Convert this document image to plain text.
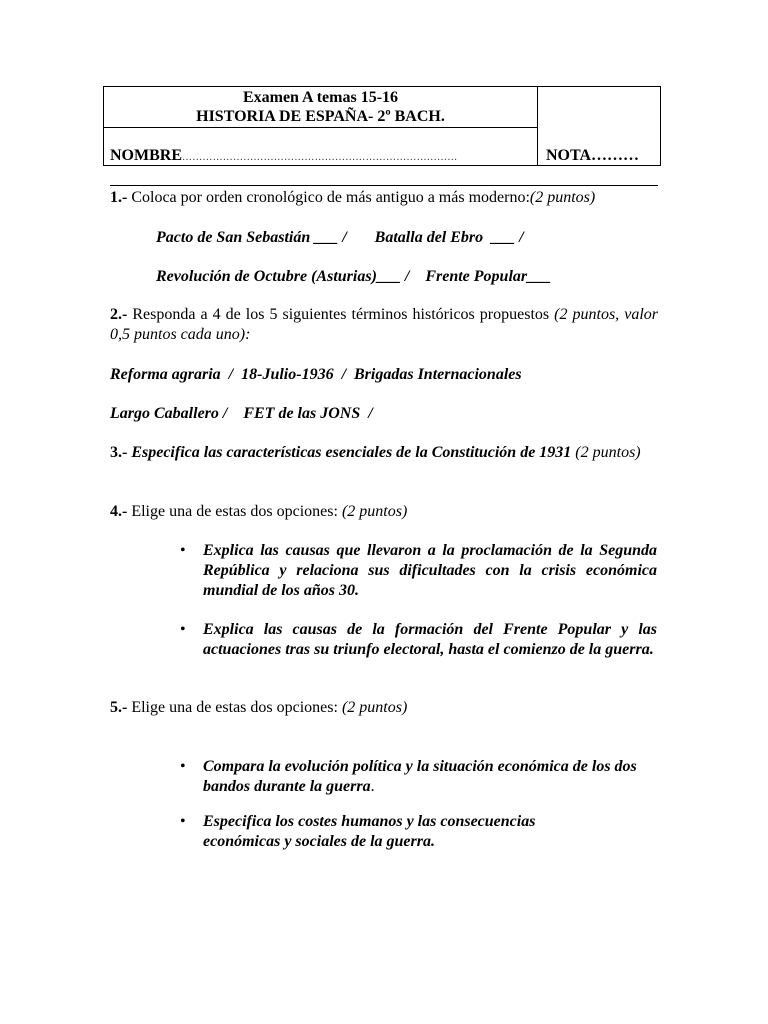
Examen A temas 15-16
HISTORIA DE ESPAÑA- 2º BACH.
NOMBRE………………………………………………………………………	NOTA………
1.- Coloca por orden cronológico de más antiguo a más moderno:(2 puntos)
Pacto de San Sebastián ___ /       Batalla del Ebro  ___ /
Revolución de Octubre (Asturias)___ /    Frente Popular___
2.- Responda a 4 de los 5 siguientes términos históricos propuestos (2 puntos, valor 0,5 puntos cada uno):
Reforma agraria  /  18-Julio-1936  /  Brigadas Internacionales
Largo Caballero /    FET de las JONS  /
3.- Especifica las características esenciales de la Constitución de 1931 (2 puntos)
4.- Elige una de estas dos opciones: (2 puntos)
• Explica las causas que llevaron a la proclamación de la Segunda República y relaciona sus dificultades con la crisis económica mundial de los años 30.
• Explica las causas de la formación del Frente Popular y las actuaciones tras su triunfo electoral, hasta el comienzo de la guerra.
5.- Elige una de estas dos opciones: (2 puntos)
• Compara la evolución política y la situación económica de los dos bandos durante la guerra.
• Especifica los costes humanos y las consecuencias económicas y sociales de la guerra.
